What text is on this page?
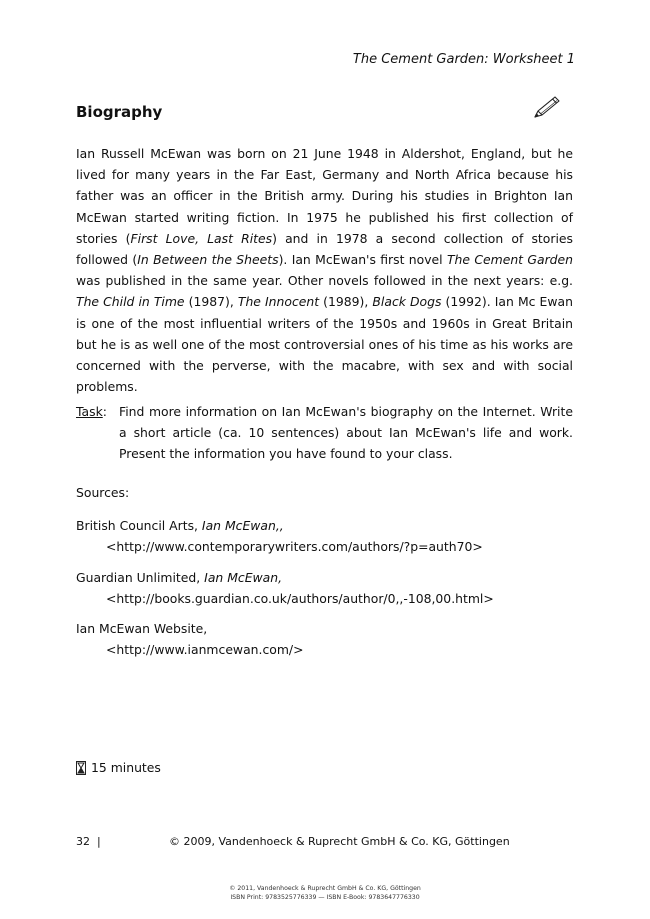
The Cement Garden: Worksheet 1
Biography

Ian Russell McEwan was born on 21 June 1948 in Aldershot, England, but he lived for many years in the Far East, Germany and North Africa because his father was an officer in the British army. During his studies in Brighton Ian McEwan started writing fiction. In 1975 he published his first collection of stories (First Love, Last Rites) and in 1978 a second collection of stories followed (In Between the Sheets). Ian McEwan's first novel The Cement Garden was published in the same year. Other novels followed in the next years: e.g. The Child in Time (1987), The Innocent (1989), Black Dogs (1992). Ian Mc Ewan is one of the most influential writers of the 1950s and 1960s in Great Britain but he is as well one of the most controversial ones of his time as his works are concerned with the perverse, with the macabre, with sex and with social problems.

Task: Find more information on Ian McEwan's biography on the Internet. Write a short article (ca. 10 sentences) about Ian McEwan's life and work. Present the information you have found to your class.

Sources:
British Council Arts, Ian McEwan,,
<http://www.contemporarywriters.com/authors/?p=auth70>
Guardian Unlimited, Ian McEwan,
<http://books.guardian.co.uk/authors/author/0,,-108,00.html>
Ian McEwan Website,
<http://www.ianmcewan.com/>
15 minutes
32  |	© 2009, Vandenhoeck & Ruprecht GmbH & Co. KG, Göttingen
© 2011, Vandenhoeck & Ruprecht GmbH & Co. KG, Göttingen
ISBN Print: 9783525776339 — ISBN E-Book: 9783647776330
